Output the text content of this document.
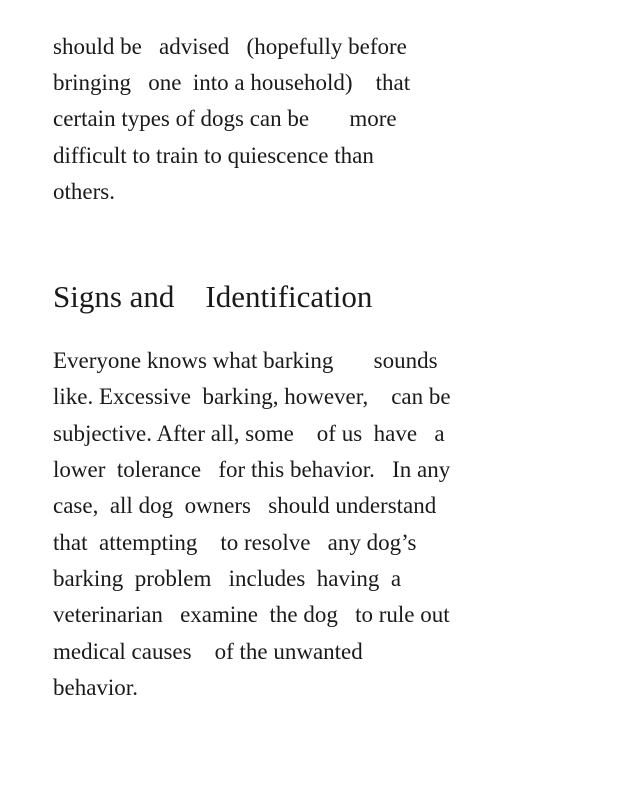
should be   advised   (hopefully before

bringing   one  into a household)    that

certain types of dogs can be       more

difficult to train to quiescence than

others.

Signs and    Identification

Everyone knows what barking       sounds

like. Excessive  barking, however,    can be

subjective. After all, some    of us  have   a

lower  tolerance   for this behavior.   In any

case,  all dog  owners   should understand

that  attempting    to resolve   any dog’s

barking  problem   includes  having  a

veterinarian   examine  the dog   to rule out

medical causes    of the unwanted

behavior.
